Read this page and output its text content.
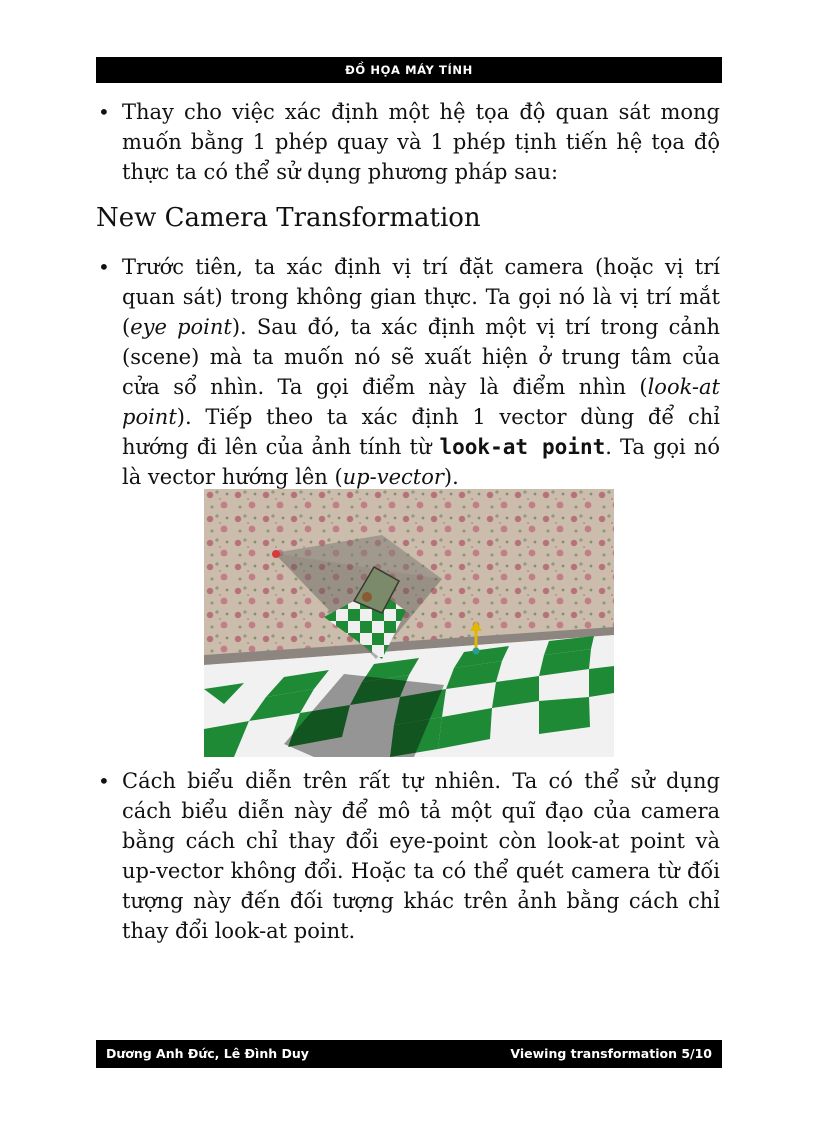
ĐỒ HỌA MÁY TÍNH
• Thay cho việc xác định một hệ tọa độ quan sát mong muốn bằng 1 phép quay và 1 phép tịnh tiến hệ tọa độ thực ta có thể sử dụng phương pháp sau:
New Camera Transformation
• Trước tiên, ta xác định vị trí đặt camera (hoặc vị trí quan sát) trong không gian thực. Ta gọi nó là vị trí mắt (eye point). Sau đó, ta xác định một vị trí trong cảnh (scene) mà ta muốn nó sẽ xuất hiện ở trung tâm của cửa sổ nhìn. Ta gọi điểm này là điểm nhìn (look-at point). Tiếp theo ta xác định 1 vector dùng để chỉ hướng đi lên của ảnh tính từ look-at point. Ta gọi nó là vector hướng lên (up-vector).
• Cách biểu diễn trên rất tự nhiên. Ta có thể sử dụng cách biểu diễn này để mô tả một quĩ đạo của camera bằng cách chỉ thay đổi eye-point còn look-at point và up-vector không đổi. Hoặc ta có thể quét camera từ đối tượng này đến đối tượng khác trên ảnh bằng cách chỉ thay đổi look-at point.
Dương Anh Đức, Lê Đình Duy	Viewing transformation 5/10
